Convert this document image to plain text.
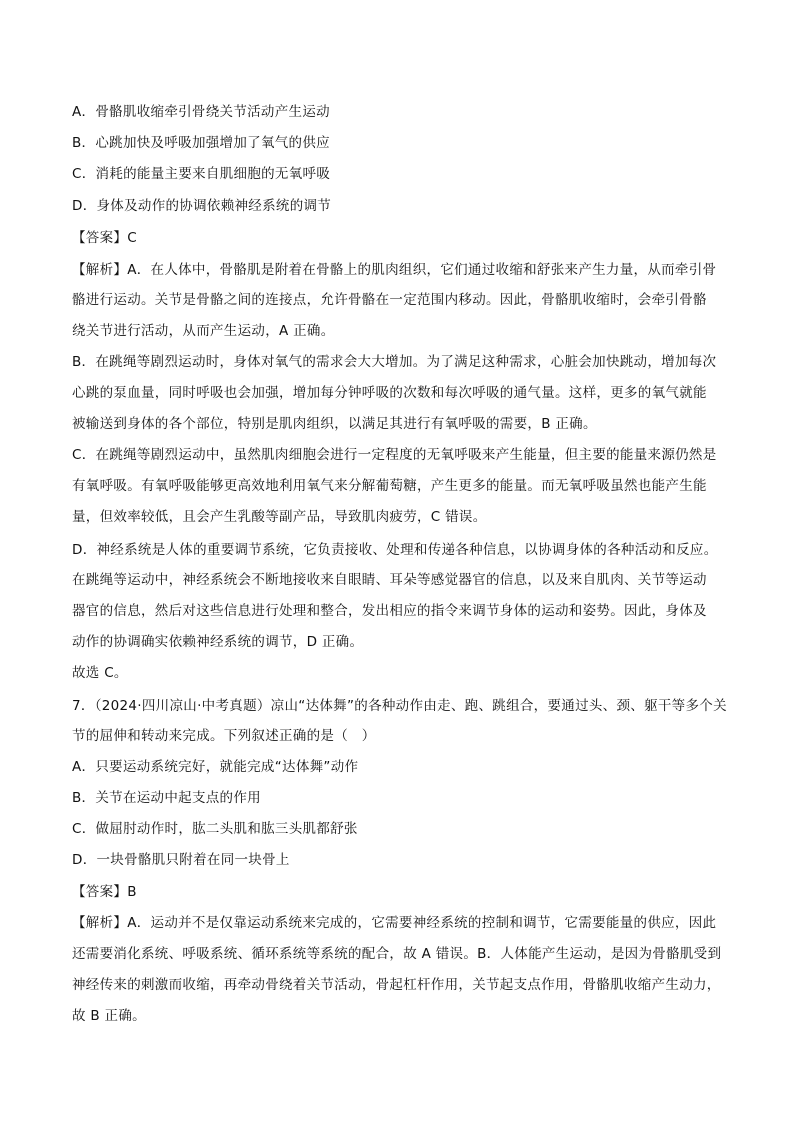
A．骨骼肌收缩牵引骨绕关节活动产生运动
B．心跳加快及呼吸加强增加了氧气的供应
C．消耗的能量主要来自肌细胞的无氧呼吸
D．身体及动作的协调依赖神经系统的调节
【答案】C
【解析】A．在人体中，骨骼肌是附着在骨骼上的肌肉组织，它们通过收缩和舒张来产生力量，从而牵引骨
骼进行运动。关节是骨骼之间的连接点，允许骨骼在一定范围内移动。因此，骨骼肌收缩时，会牵引骨骼
绕关节进行活动，从而产生运动，A 正确。
B．在跳绳等剧烈运动时，身体对氧气的需求会大大增加。为了满足这种需求，心脏会加快跳动，增加每次
心跳的泵血量，同时呼吸也会加强，增加每分钟呼吸的次数和每次呼吸的通气量。这样，更多的氧气就能
被输送到身体的各个部位，特别是肌肉组织，以满足其进行有氧呼吸的需要，B 正确。
C．在跳绳等剧烈运动中，虽然肌肉细胞会进行一定程度的无氧呼吸来产生能量，但主要的能量来源仍然是
有氧呼吸。有氧呼吸能够更高效地利用氧气来分解葡萄糖，产生更多的能量。而无氧呼吸虽然也能产生能
量，但效率较低，且会产生乳酸等副产品，导致肌肉疲劳，C 错误。
D．神经系统是人体的重要调节系统，它负责接收、处理和传递各种信息，以协调身体的各种活动和反应。
在跳绳等运动中，神经系统会不断地接收来自眼睛、耳朵等感觉器官的信息，以及来自肌肉、关节等运动
器官的信息，然后对这些信息进行处理和整合，发出相应的指令来调节身体的运动和姿势。因此，身体及
动作的协调确实依赖神经系统的调节，D 正确。
故选 C。
7．（2024·四川凉山·中考真题）凉山“达体舞”的各种动作由走、跑、跳组合，要通过头、颈、躯干等多个关
节的屈伸和转动来完成。下列叙述正确的是（　）
A．只要运动系统完好，就能完成“达体舞”动作
B．关节在运动中起支点的作用
C．做屈肘动作时，肱二头肌和肱三头肌都舒张
D．一块骨骼肌只附着在同一块骨上
【答案】B
【解析】A．运动并不是仅靠运动系统来完成的，它需要神经系统的控制和调节，它需要能量的供应，因此
还需要消化系统、呼吸系统、循环系统等系统的配合，故 A 错误。B．人体能产生运动，是因为骨骼肌受到
神经传来的刺激而收缩，再牵动骨绕着关节活动，骨起杠杆作用，关节起支点作用，骨骼肌收缩产生动力，
故 B 正确。
